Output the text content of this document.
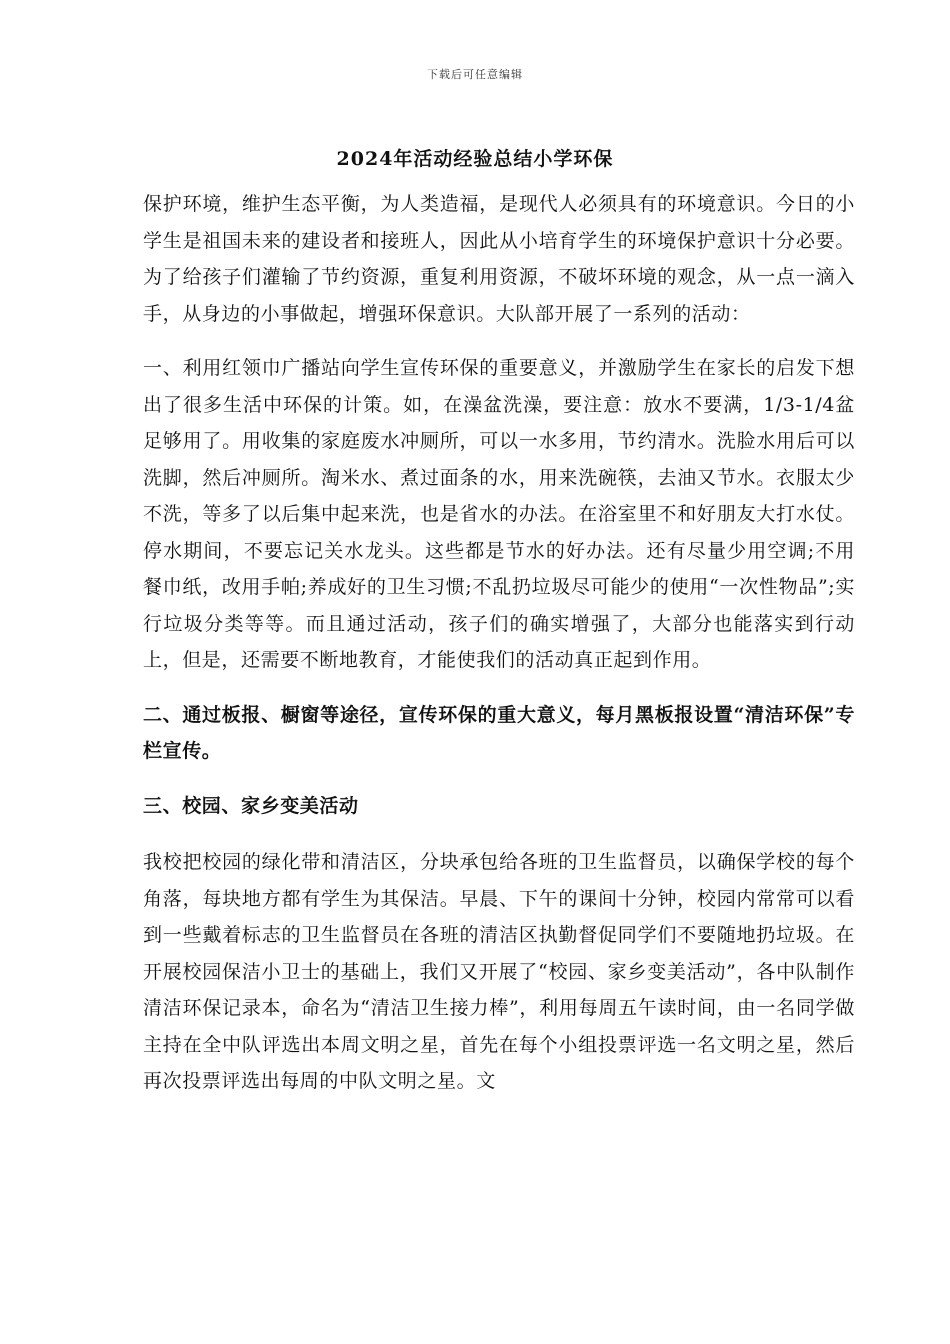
下载后可任意编辑
2024年活动经验总结小学环保

保护环境，维护生态平衡，为人类造福，是现代人必须具有的环境意识。今日的小学生是祖国未来的建设者和接班人，因此从小培育学生的环境保护意识十分必要。为了给孩子们灌输了节约资源，重复利用资源，不破坏环境的观念，从一点一滴入手，从身边的小事做起，增强环保意识。大队部开展了一系列的活动：

一、利用红领巾广播站向学生宣传环保的重要意义，并激励学生在家长的启发下想出了很多生活中环保的计策。如，在澡盆洗澡，要注意：放水不要满，1/3-1/4盆足够用了。用收集的家庭废水冲厕所，可以一水多用，节约清水。洗脸水用后可以洗脚，然后冲厕所。淘米水、煮过面条的水，用来洗碗筷，去油又节水。衣服太少不洗，等多了以后集中起来洗，也是省水的办法。在浴室里不和好朋友大打水仗。停水期间，不要忘记关水龙头。这些都是节水的好办法。还有尽量少用空调;不用餐巾纸，改用手帕;养成好的卫生习惯;不乱扔垃圾尽可能少的使用“一次性物品”;实行垃圾分类等等。而且通过活动，孩子们的确实增强了，大部分也能落实到行动上，但是，还需要不断地教育，才能使我们的活动真正起到作用。

二、通过板报、橱窗等途径，宣传环保的重大意义，每月黑板报设置“清洁环保”专栏宣传。

三、校园、家乡变美活动

我校把校园的绿化带和清洁区，分块承包给各班的卫生监督员，以确保学校的每个角落，每块地方都有学生为其保洁。早晨、下午的课间十分钟，校园内常常可以看到一些戴着标志的卫生监督员在各班的清洁区执勤督促同学们不要随地扔垃圾。在开展校园保洁小卫士的基础上，我们又开展了“校园、家乡变美活动”，各中队制作清洁环保记录本，命名为“清洁卫生接力棒”，利用每周五午读时间，由一名同学做主持在全中队评选出本周文明之星，首先在每个小组投票评选一名文明之星，然后再次投票评选出每周的中队文明之星。文
